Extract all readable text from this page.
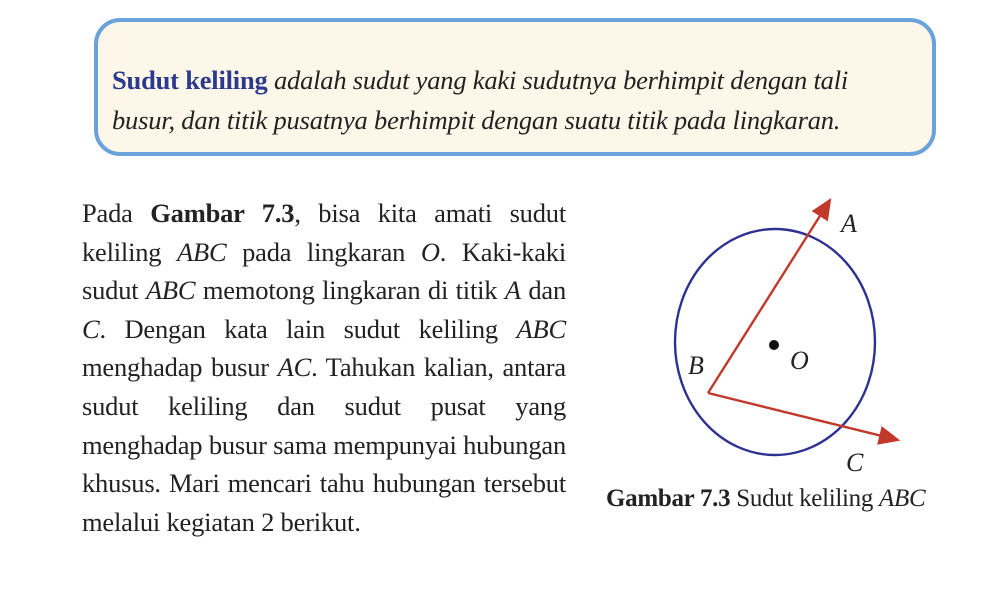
Sudut keliling adalah sudut yang kaki sudutnya berhimpit dengan tali busur, dan titik pusatnya berhimpit dengan suatu titik pada lingkaran.
Pada Gambar 7.3, bisa kita amati sudut keliling ABC pada lingkaran O. Kaki-kaki sudut ABC memotong lingkaran di titik A dan C. Dengan kata lain sudut keliling ABC menghadap busur AC. Tahukan kalian, antara sudut keliling dan sudut pusat yang menghadap busur sama mempunyai hubungan khusus. Mari mencari tahu hubungan tersebut melalui kegiatan 2 berikut.
A
B
C
O
Gambar 7.3 Sudut keliling ABC
